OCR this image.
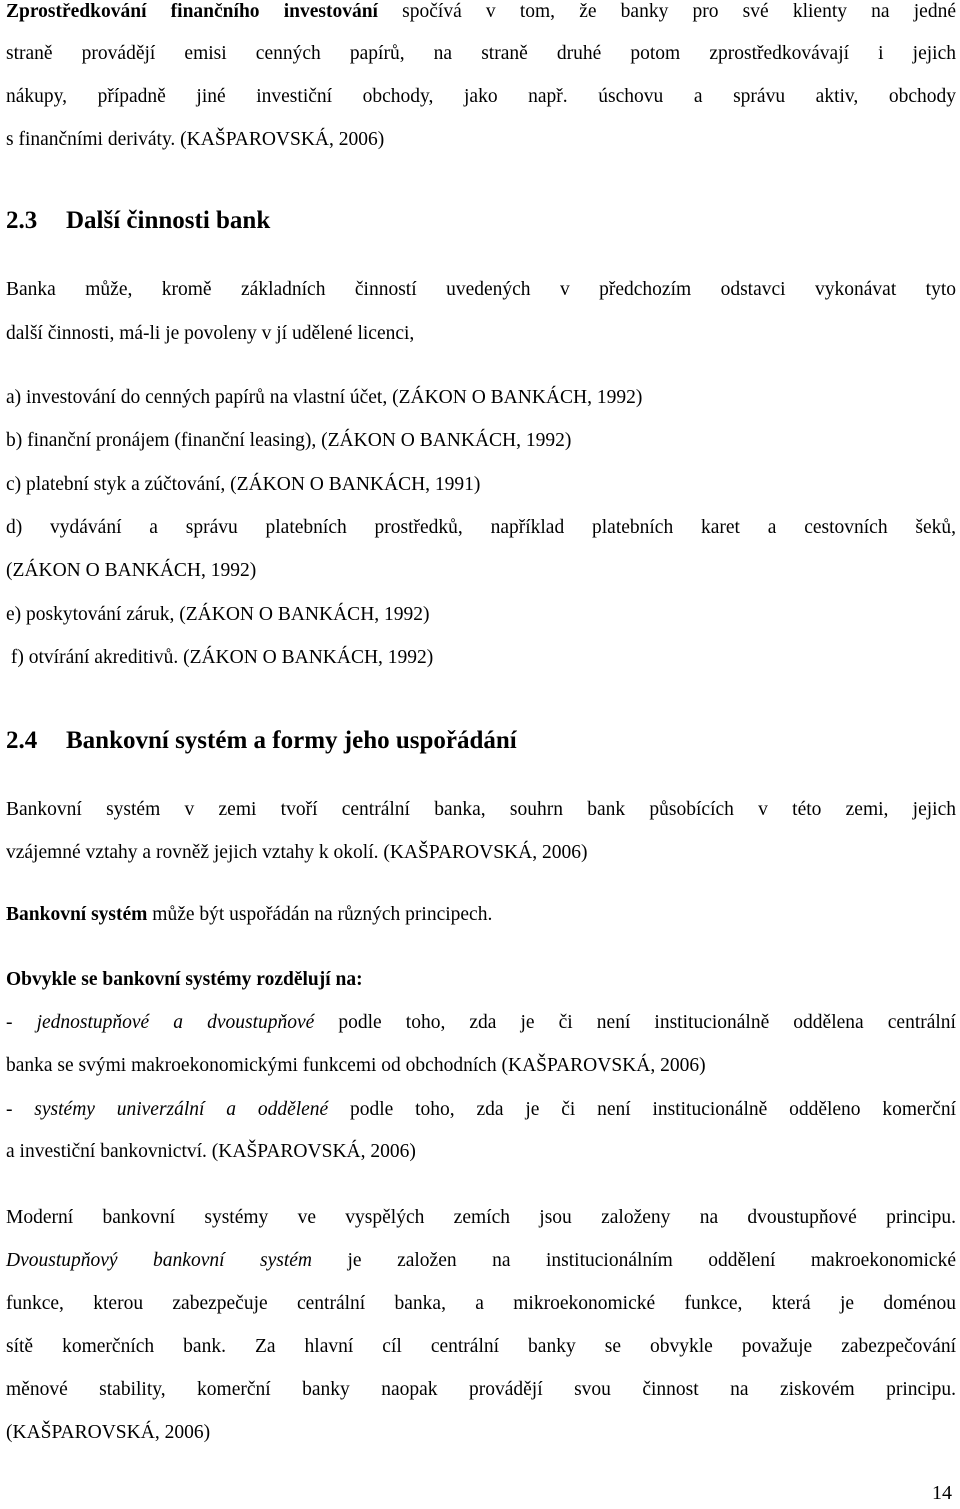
Zprostředkování finančního investování spočívá v tom, že banky pro své klienty na jedné

straně provádějí emisi cenných papírů, na straně druhé potom zprostředkovávají i jejich

nákupy, případně jiné investiční obchody, jako např. úschovu a správu aktiv, obchody

s finančními deriváty. (KAŠPAROVSKÁ, 2006)

2.3 Další činnosti bank

Banka může, kromě základních činností uvedených v předchozím odstavci vykonávat tyto

další činnosti, má-li je povoleny v jí udělené licenci,

a) investování do cenných papírů na vlastní účet, (ZÁKON O BANKÁCH, 1992)

b) finanční pronájem (finanční leasing), (ZÁKON O BANKÁCH, 1992)

c) platební styk a zúčtování, (ZÁKON O BANKÁCH, 1991)

d) vydávání a správu platebních prostředků, například platebních karet a cestovních šeků,

(ZÁKON O BANKÁCH, 1992)

e) poskytování záruk, (ZÁKON O BANKÁCH, 1992)

f) otvírání akreditivů. (ZÁKON O BANKÁCH, 1992)

2.4 Bankovní systém a formy jeho uspořádání

Bankovní systém v zemi tvoří centrální banka, souhrn bank působících v této zemi, jejich

vzájemné vztahy a rovněž jejich vztahy k okolí. (KAŠPAROVSKÁ, 2006)

Bankovní systém může být uspořádán na různých principech.

Obvykle se bankovní systémy rozdělují na:

- jednostupňové a dvoustupňové podle toho, zda je či není institucionálně oddělena centrální

banka se svými makroekonomickými funkcemi od obchodních (KAŠPAROVSKÁ, 2006)

- systémy univerzální a oddělené podle toho, zda je či není institucionálně odděleno komerční

a investiční bankovnictví. (KAŠPAROVSKÁ, 2006)

Moderní bankovní systémy ve vyspělých zemích jsou založeny na dvoustupňové principu.

Dvoustupňový bankovní systém je založen na institucionálním oddělení makroekonomické

funkce, kterou zabezpečuje centrální banka, a mikroekonomické funkce, která je doménou

sítě komerčních bank. Za hlavní cíl centrální banky se obvykle považuje zabezpečování

měnové stability, komerční banky naopak provádějí svou činnost na ziskovém principu.

(KAŠPAROVSKÁ, 2006)

14
